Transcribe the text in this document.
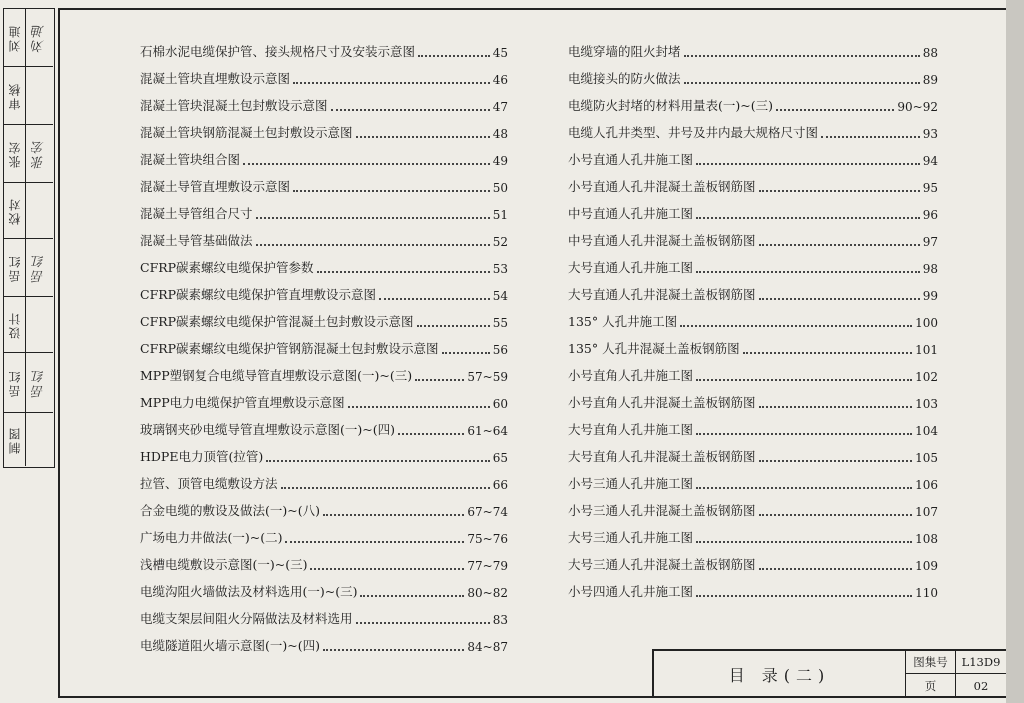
刘迪 刘迪
审核
张宏 张宏
校对
岳红 岳红
设计
岳红 岳红
制图
石棉水泥电缆保护管、接头规格尺寸及安装示意图	45
混凝土管块直埋敷设示意图	46
混凝土管块混凝土包封敷设示意图	47
混凝土管块钢筋混凝土包封敷设示意图	48
混凝土管块组合图	49
混凝土导管直埋敷设示意图	50
混凝土导管组合尺寸	51
混凝土导管基础做法	52
CFRP碳素螺纹电缆保护管参数	53
CFRP碳素螺纹电缆保护管直埋敷设示意图	54
CFRP碳素螺纹电缆保护管混凝土包封敷设示意图	55
CFRP碳素螺纹电缆保护管钢筋混凝土包封敷设示意图	56
MPP塑钢复合电缆导管直埋敷设示意图(一)~(三)	57~59
MPP电力电缆保护管直埋敷设示意图	60
玻璃钢夹砂电缆导管直埋敷设示意图(一)~(四)	61~64
HDPE电力顶管(拉管)	65
拉管、顶管电缆敷设方法	66
合金电缆的敷设及做法(一)~(八)	67~74
广场电力井做法(一)~(二)	75~76
浅槽电缆敷设示意图(一)~(三)	77~79
电缆沟阻火墙做法及材料选用(一)~(三)	80~82
电缆支架层间阻火分隔做法及材料选用	83
电缆隧道阻火墙示意图(一)~(四)	84~87
电缆穿墙的阻火封堵	88
电缆接头的防火做法	89
电缆防火封堵的材料用量表(一)~(三)	90~92
电缆人孔井类型、井号及井内最大规格尺寸图	93
小号直通人孔井施工图	94
小号直通人孔井混凝土盖板钢筋图	95
中号直通人孔井施工图	96
中号直通人孔井混凝土盖板钢筋图	97
大号直通人孔井施工图	98
大号直通人孔井混凝土盖板钢筋图	99
135° 人孔井施工图	100
135° 人孔井混凝土盖板钢筋图	101
小号直角人孔井施工图	102
小号直角人孔井混凝土盖板钢筋图	103
大号直角人孔井施工图	104
大号直角人孔井混凝土盖板钢筋图	105
小号三通人孔井施工图	106
小号三通人孔井混凝土盖板钢筋图	107
大号三通人孔井施工图	108
大号三通人孔井混凝土盖板钢筋图	109
小号四通人孔井施工图	110
目 录(二)
图集号	L13D9
页	02
